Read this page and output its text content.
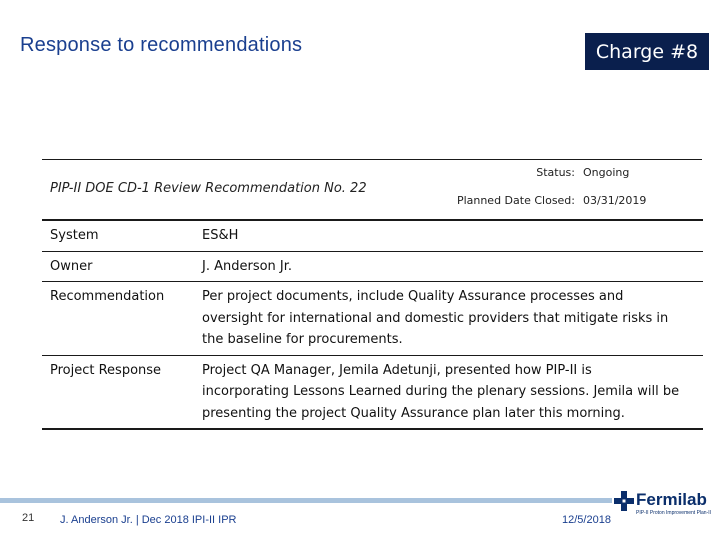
Response to recommendations	Charge #8
PIP-II DOE CD-1 Review Recommendation No. 22
Status: Ongoing
Planned Date Closed: 03/31/2019
System	ES&H
Owner	J. Anderson Jr.
Recommendation	Per project documents, include Quality Assurance processes and oversight for international and domestic providers that mitigate risks in the baseline for procurements.
Project Response	Project QA Manager, Jemila Adetunji, presented how PIP-II is incorporating Lessons Learned during the plenary sessions. Jemila will be presenting the project Quality Assurance plan later this morning.
21 J. Anderson Jr. | Dec 2018 IPI-II IPR	12/5/2018
Fermilab
PIP-II Proton Improvement Plan-II
